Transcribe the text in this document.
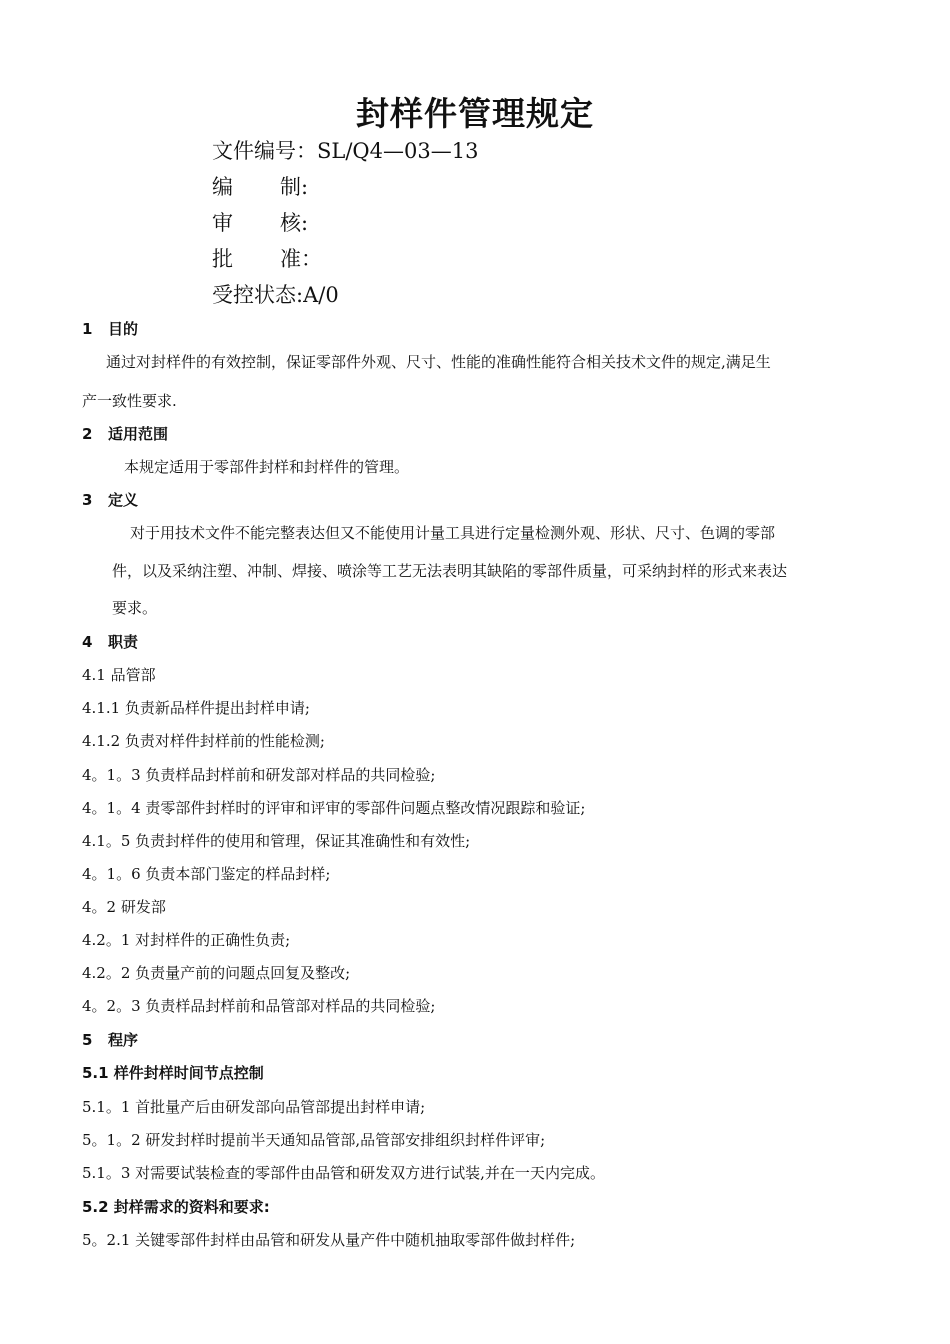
封样件管理规定
文件编号：SL/Q4—03—13
编 制:
审 核:
批 准：
受控状态:A/0
1 目的
通过对封样件的有效控制，保证零部件外观、尺寸、性能的准确性能符合相关技术文件的规定,满足生
产一致性要求.
2 适用范围
本规定适用于零部件封样和封样件的管理。
3 定义
对于用技术文件不能完整表达但又不能使用计量工具进行定量检测外观、形状、尺寸、色调的零部
件，以及采纳注塑、冲制、焊接、喷涂等工艺无法表明其缺陷的零部件质量，可采纳封样的形式来表达
要求。
4 职责
4.1 品管部
4.1.1 负责新品样件提出封样申请;
4.1.2 负责对样件封样前的性能检测;
4。1。3 负责样品封样前和研发部对样品的共同检验;
4。1。4 责零部件封样时的评审和评审的零部件问题点整改情况跟踪和验证;
4.1。5 负责封样件的使用和管理，保证其准确性和有效性;
4。1。6 负责本部门鉴定的样品封样;
4。2 研发部
4.2。1 对封样件的正确性负责;
4.2。2 负责量产前的问题点回复及整改;
4。2。3 负责样品封样前和品管部对样品的共同检验;
5 程序
5.1 样件封样时间节点控制
5.1。1 首批量产后由研发部向品管部提出封样申请;
5。1。2 研发封样时提前半天通知品管部,品管部安排组织封样件评审;
5.1。3 对需要试装检查的零部件由品管和研发双方进行试装,并在一天内完成。
5.2 封样需求的资料和要求:
5。2.1 关键零部件封样由品管和研发从量产件中随机抽取零部件做封样件;
